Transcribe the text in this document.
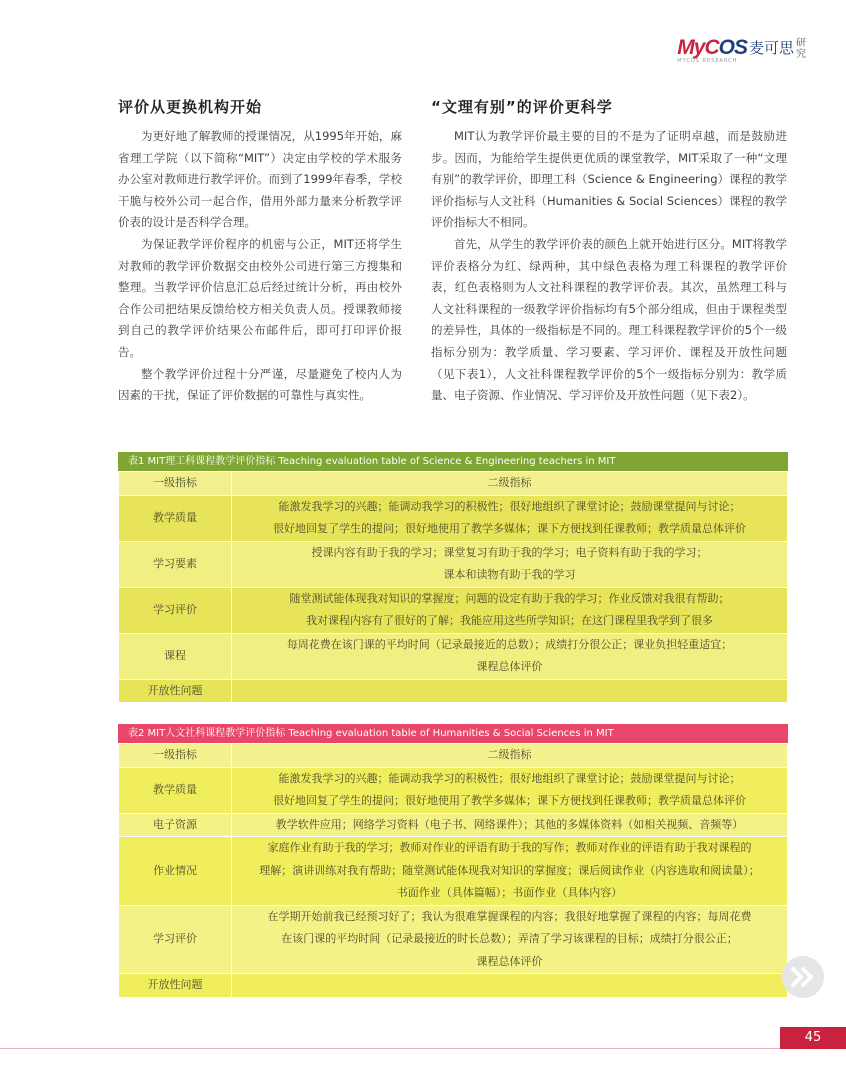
MyCOS 麦可思 研究
MYCOS RESEARCH
评价从更换机构开始

为更好地了解教师的授课情况，从1995年开始，麻省理工学院（以下简称“MIT”）决定由学校的学术服务办公室对教师进行教学评价。而到了1999年春季，学校干脆与校外公司一起合作，借用外部力量来分析教学评价表的设计是否科学合理。

为保证教学评价程序的机密与公正，MIT还将学生对教师的教学评价数据交由校外公司进行第三方搜集和整理。当教学评价信息汇总后经过统计分析，再由校外合作公司把结果反馈给校方相关负责人员。授课教师接到自己的教学评价结果公布邮件后，即可打印评价报告。

整个教学评价过程十分严谨，尽量避免了校内人为因素的干扰，保证了评价数据的可靠性与真实性。

“文理有别”的评价更科学

MIT认为教学评价最主要的目的不是为了证明卓越，而是鼓励进步。因而，为能给学生提供更优质的课堂教学，MIT采取了一种“文理有别”的教学评价，即理工科（Science & Engineering）课程的教学评价指标与人文社科（Humanities & Social Sciences）课程的教学评价指标大不相同。

首先，从学生的教学评价表的颜色上就开始进行区分。MIT将教学评价表格分为红、绿两种，其中绿色表格为理工科课程的教学评价表，红色表格则为人文社科课程的教学评价表。其次，虽然理工科与人文社科课程的一级教学评价指标均有5个部分组成，但由于课程类型的差异性，具体的一级指标是不同的。理工科课程教学评价的5个一级指标分别为：教学质量、学习要素、学习评价、课程及开放性问题（见下表1），人文社科课程教学评价的5个一级指标分别为：教学质量、电子资源、作业情况、学习评价及开放性问题（见下表2）。

表1 MIT理工科课程教学评价指标 Teaching evaluation table of Science & Engineering teachers in MIT
一级指标	二级指标
教学质量	能激发我学习的兴趣；能调动我学习的积极性；很好地组织了课堂讨论；鼓励课堂提问与讨论；
很好地回复了学生的提问；很好地使用了教学多媒体；课下方便找到任课教师；教学质量总体评价

学习要素	授课内容有助于我的学习；课堂复习有助于我的学习；电子资料有助于我的学习；
课本和读物有助于我的学习

学习评价	随堂测试能体现我对知识的掌握度；问题的设定有助于我的学习；作业反馈对我很有帮助；
我对课程内容有了很好的了解；我能应用这些所学知识；在这门课程里我学到了很多

课程	每周花费在该门课的平均时间（记录最接近的总数）；成绩打分很公正；课业负担轻重适宜；
课程总体评价

开放性问题	
表2 MIT人文社科课程教学评价指标 Teaching evaluation table of Humanities & Social Sciences in MIT
一级指标	二级指标
教学质量	能激发我学习的兴趣；能调动我学习的积极性；很好地组织了课堂讨论；鼓励课堂提问与讨论；
很好地回复了学生的提问；很好地使用了教学多媒体；课下方便找到任课教师；教学质量总体评价

电子资源	教学软件应用；网络学习资料（电子书、网络课件）；其他的多媒体资料（如相关视频、音频等）

作业情况	家庭作业有助于我的学习；教师对作业的评语有助于我的写作；教师对作业的评语有助于我对课程的
理解；演讲训练对我有帮助；随堂测试能体现我对知识的掌握度；课后阅读作业（内容选取和阅读量）；
书面作业（具体篇幅）；书面作业（具体内容）

学习评价	在学期开始前我已经预习好了；我认为很难掌握课程的内容；我很好地掌握了课程的内容；每周花费
在该门课的平均时间（记录最接近的时长总数）；弄清了学习该课程的目标；成绩打分很公正；
课程总体评价

开放性问题	
45
